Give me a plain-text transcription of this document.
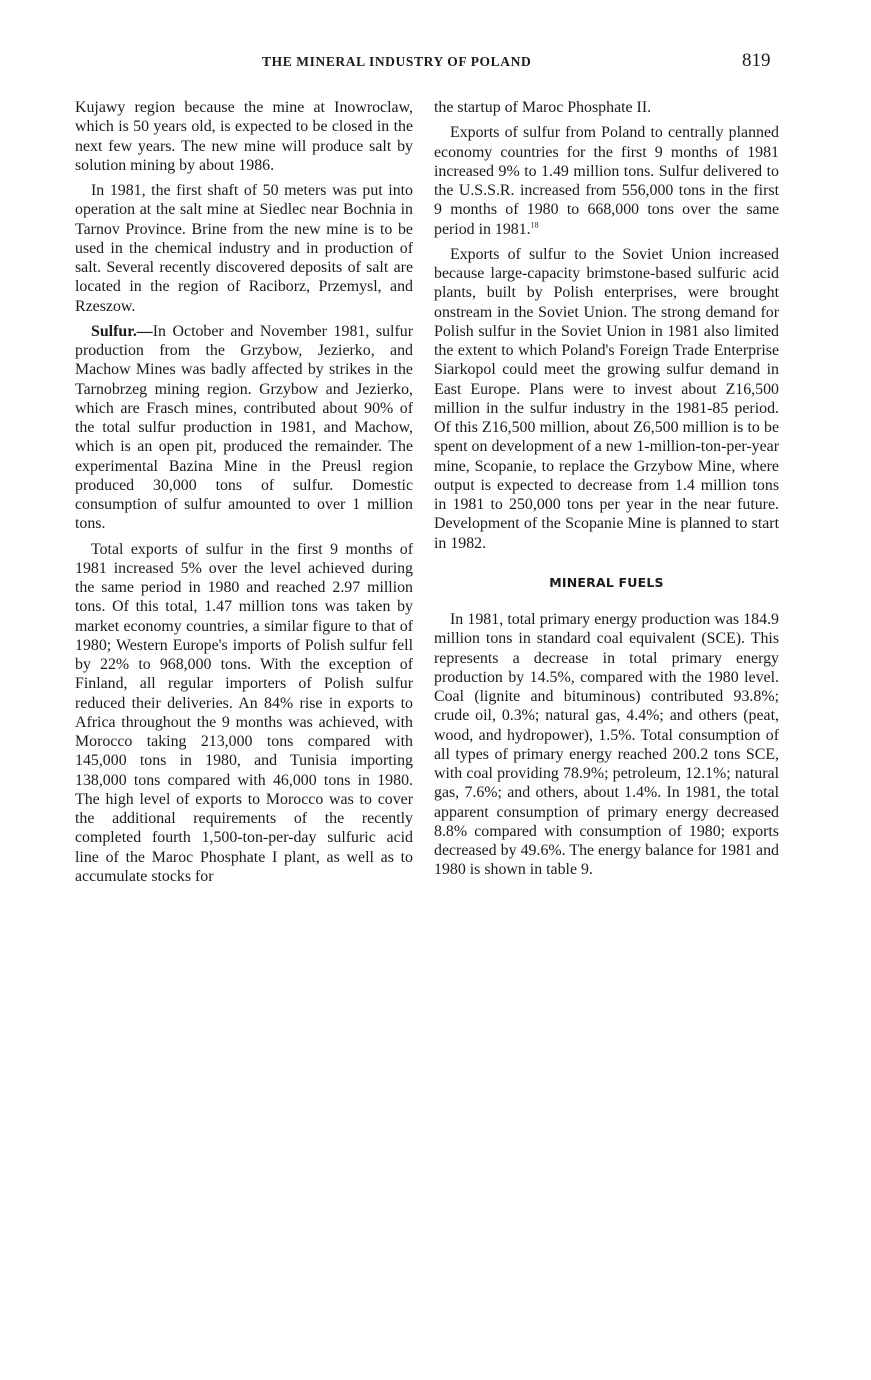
THE MINERAL INDUSTRY OF POLAND	819

Kujawy region because the mine at Inowroclaw, which is 50 years old, is expected to be closed in the next few years. The new mine will produce salt by solution mining by about 1986.

In 1981, the first shaft of 50 meters was put into operation at the salt mine at Siedlec near Bochnia in Tarnov Province. Brine from the new mine is to be used in the chemical industry and in production of salt. Several recently discovered deposits of salt are located in the region of Raciborz, Przemysl, and Rzeszow.

Sulfur.—In October and November 1981, sulfur production from the Grzybow, Jezierko, and Machow Mines was badly affected by strikes in the Tarnobrzeg mining region. Grzybow and Jezierko, which are Frasch mines, contributed about 90% of the total sulfur production in 1981, and Machow, which is an open pit, produced the remainder. The experimental Bazina Mine in the Preusl region produced 30,000 tons of sulfur. Domestic consumption of sulfur amounted to over 1 million tons.

Total exports of sulfur in the first 9 months of 1981 increased 5% over the level achieved during the same period in 1980 and reached 2.97 million tons. Of this total, 1.47 million tons was taken by market economy countries, a similar figure to that of 1980; Western Europe's imports of Polish sulfur fell by 22% to 968,000 tons. With the exception of Finland, all regular importers of Polish sulfur reduced their deliveries. An 84% rise in exports to Africa throughout the 9 months was achieved, with Morocco taking 213,000 tons compared with 145,000 tons in 1980, and Tunisia importing 138,000 tons compared with 46,000 tons in 1980. The high level of exports to Morocco was to cover the additional requirements of the recently completed fourth 1,500-ton-per-day sulfuric acid line of the Maroc Phosphate I plant, as well as to accumulate stocks for

the startup of Maroc Phosphate II.

Exports of sulfur from Poland to centrally planned economy countries for the first 9 months of 1981 increased 9% to 1.49 million tons. Sulfur delivered to the U.S.S.R. increased from 556,000 tons in the first 9 months of 1980 to 668,000 tons over the same period in 1981.18

Exports of sulfur to the Soviet Union increased because large-capacity brimstone-based sulfuric acid plants, built by Polish enterprises, were brought onstream in the Soviet Union. The strong demand for Polish sulfur in the Soviet Union in 1981 also limited the extent to which Poland's Foreign Trade Enterprise Siarkopol could meet the growing sulfur demand in East Europe. Plans were to invest about Z16,500 million in the sulfur industry in the 1981-85 period. Of this Z16,500 million, about Z6,500 million is to be spent on development of a new 1-million-ton-per-year mine, Scopanie, to replace the Grzybow Mine, where output is expected to decrease from 1.4 million tons in 1981 to 250,000 tons per year in the near future. Development of the Scopanie Mine is planned to start in 1982.

MINERAL FUELS

In 1981, total primary energy production was 184.9 million tons in standard coal equivalent (SCE). This represents a decrease in total primary energy production by 14.5%, compared with the 1980 level. Coal (lignite and bituminous) contributed 93.8%; crude oil, 0.3%; natural gas, 4.4%; and others (peat, wood, and hydropower), 1.5%. Total consumption of all types of primary energy reached 200.2 tons SCE, with coal providing 78.9%; petroleum, 12.1%; natural gas, 7.6%; and others, about 1.4%. In 1981, the total apparent consumption of primary energy decreased 8.8% compared with consumption of 1980; exports decreased by 49.6%. The energy balance for 1981 and 1980 is shown in table 9.
